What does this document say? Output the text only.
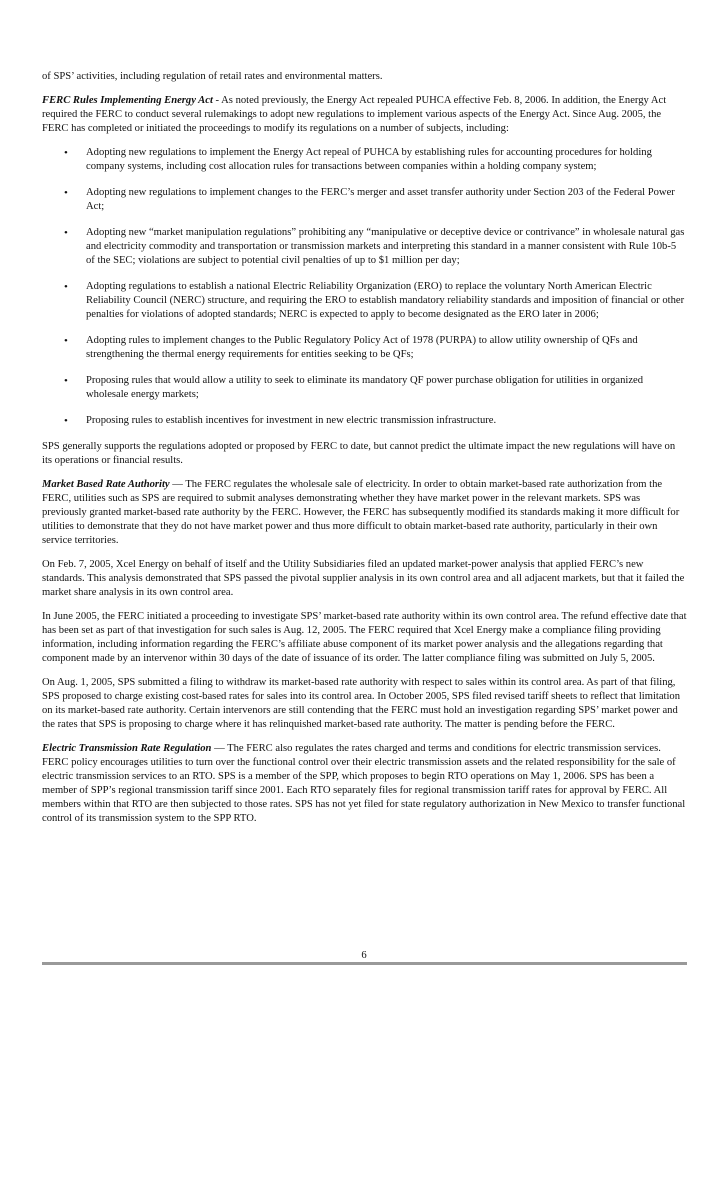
of SPS’ activities, including regulation of retail rates and environmental matters.

FERC Rules Implementing Energy Act - As noted previously, the Energy Act repealed PUHCA effective Feb. 8, 2006. In addition, the Energy Act required the FERC to conduct several rulemakings to adopt new regulations to implement various aspects of the Energy Act. Since Aug. 2005, the FERC has completed or initiated the proceedings to modify its regulations on a number of subjects, including:

• Adopting new regulations to implement the Energy Act repeal of PUHCA by establishing rules for accounting procedures for holding company systems, including cost allocation rules for transactions between companies within a holding company system;
• Adopting new regulations to implement changes to the FERC’s merger and asset transfer authority under Section 203 of the Federal Power Act;
• Adopting new “market manipulation regulations” prohibiting any “manipulative or deceptive device or contrivance” in wholesale natural gas and electricity commodity and transportation or transmission markets and interpreting this standard in a manner consistent with Rule 10b-5 of the SEC; violations are subject to potential civil penalties of up to $1 million per day;
• Adopting regulations to establish a national Electric Reliability Organization (ERO) to replace the voluntary North American Electric Reliability Council (NERC) structure, and requiring the ERO to establish mandatory reliability standards and imposition of financial or other penalties for violations of adopted standards; NERC is expected to apply to become designated as the ERO later in 2006;
• Adopting rules to implement changes to the Public Regulatory Policy Act of 1978 (PURPA) to allow utility ownership of QFs and strengthening the thermal energy requirements for entities seeking to be QFs;
• Proposing rules that would allow a utility to seek to eliminate its mandatory QF power purchase obligation for utilities in organized wholesale energy markets;
• Proposing rules to establish incentives for investment in new electric transmission infrastructure.

SPS generally supports the regulations adopted or proposed by FERC to date, but cannot predict the ultimate impact the new regulations will have on its operations or financial results.

Market Based Rate Authority — The FERC regulates the wholesale sale of electricity. In order to obtain market-based rate authorization from the FERC, utilities such as SPS are required to submit analyses demonstrating whether they have market power in the relevant markets. SPS was previously granted market-based rate authority by the FERC. However, the FERC has subsequently modified its standards making it more difficult for utilities to demonstrate that they do not have market power and thus more difficult to obtain market-based rate authority, particularly in their own service territories.

On Feb. 7, 2005, Xcel Energy on behalf of itself and the Utility Subsidiaries filed an updated market-power analysis that applied FERC’s new standards. This analysis demonstrated that SPS passed the pivotal supplier analysis in its own control area and all adjacent markets, but that it failed the market share analysis in its own control area.

In June 2005, the FERC initiated a proceeding to investigate SPS’ market-based rate authority within its own control area. The refund effective date that has been set as part of that investigation for such sales is Aug. 12, 2005. The FERC required that Xcel Energy make a compliance filing providing information, including information regarding the FERC’s affiliate abuse component of its market power analysis and the allegations regarding that component made by an intervenor within 30 days of the date of issuance of its order. The latter compliance filing was submitted on July 5, 2005.

On Aug. 1, 2005, SPS submitted a filing to withdraw its market-based rate authority with respect to sales within its control area. As part of that filing, SPS proposed to charge existing cost-based rates for sales into its control area. In October 2005, SPS filed revised tariff sheets to reflect that limitation on its market-based rate authority. Certain intervenors are still contending that the FERC must hold an investigation regarding SPS’ market power and the rates that SPS is proposing to charge where it has relinquished market-based rate authority. The matter is pending before the FERC.

Electric Transmission Rate Regulation — The FERC also regulates the rates charged and terms and conditions for electric transmission services. FERC policy encourages utilities to turn over the functional control over their electric transmission assets and the related responsibility for the sale of electric transmission services to an RTO. SPS is a member of the SPP, which proposes to begin RTO operations on May 1, 2006. SPS has been a member of SPP’s regional transmission tariff since 2001. Each RTO separately files for regional transmission tariff rates for approval by FERC. All members within that RTO are then subjected to those rates. SPS has not yet filed for state regulatory authorization in New Mexico to transfer functional control of its transmission system to the SPP RTO.

6
